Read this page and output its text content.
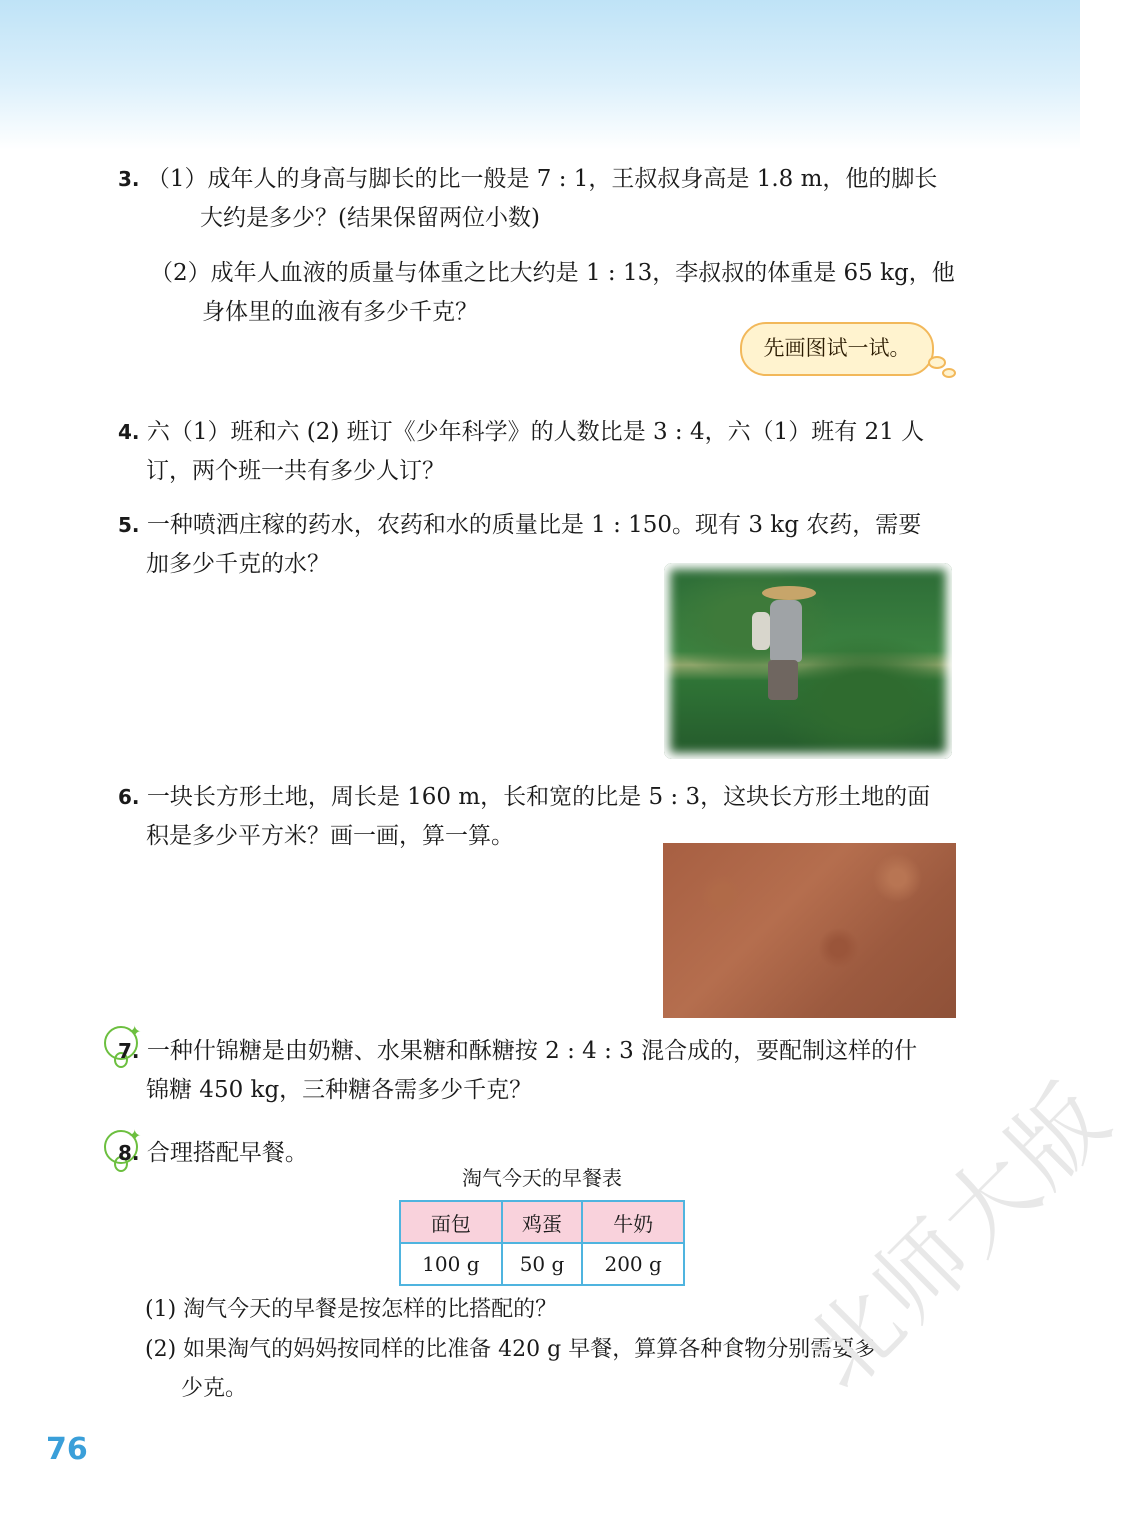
3. （1）成年人的身高与脚长的比一般是 7 : 1，王叔叔身高是 1.8 m，他的脚长
大约是多少？(结果保留两位小数)
（2）成年人血液的质量与体重之比大约是 1 : 13，李叔叔的体重是 65 kg，他
身体里的血液有多少千克？
先画图试一试。
4. 六（1）班和六 (2) 班订《少年科学》的人数比是 3 : 4，六（1）班有 21 人
订，两个班一共有多少人订？
5. 一种喷洒庄稼的药水，农药和水的质量比是 1 : 150。现有 3 kg 农药，需要
加多少千克的水？
6. 一块长方形土地，周长是 160 m，长和宽的比是 5 : 3，这块长方形土地的面
积是多少平方米？画一画，算一算。
✦
7. 一种什锦糖是由奶糖、水果糖和酥糖按 2 : 4 : 3 混合成的，要配制这样的什
锦糖 450 kg，三种糖各需多少千克？
✦
8. 合理搭配早餐。
淘气今天的早餐表
面包	鸡蛋	牛奶
100 g	50 g	200 g
(1) 淘气今天的早餐是按怎样的比搭配的？
(2) 如果淘气的妈妈按同样的比准备 420 g 早餐，算算各种食物分别需要多
少克。
76
北师大版
